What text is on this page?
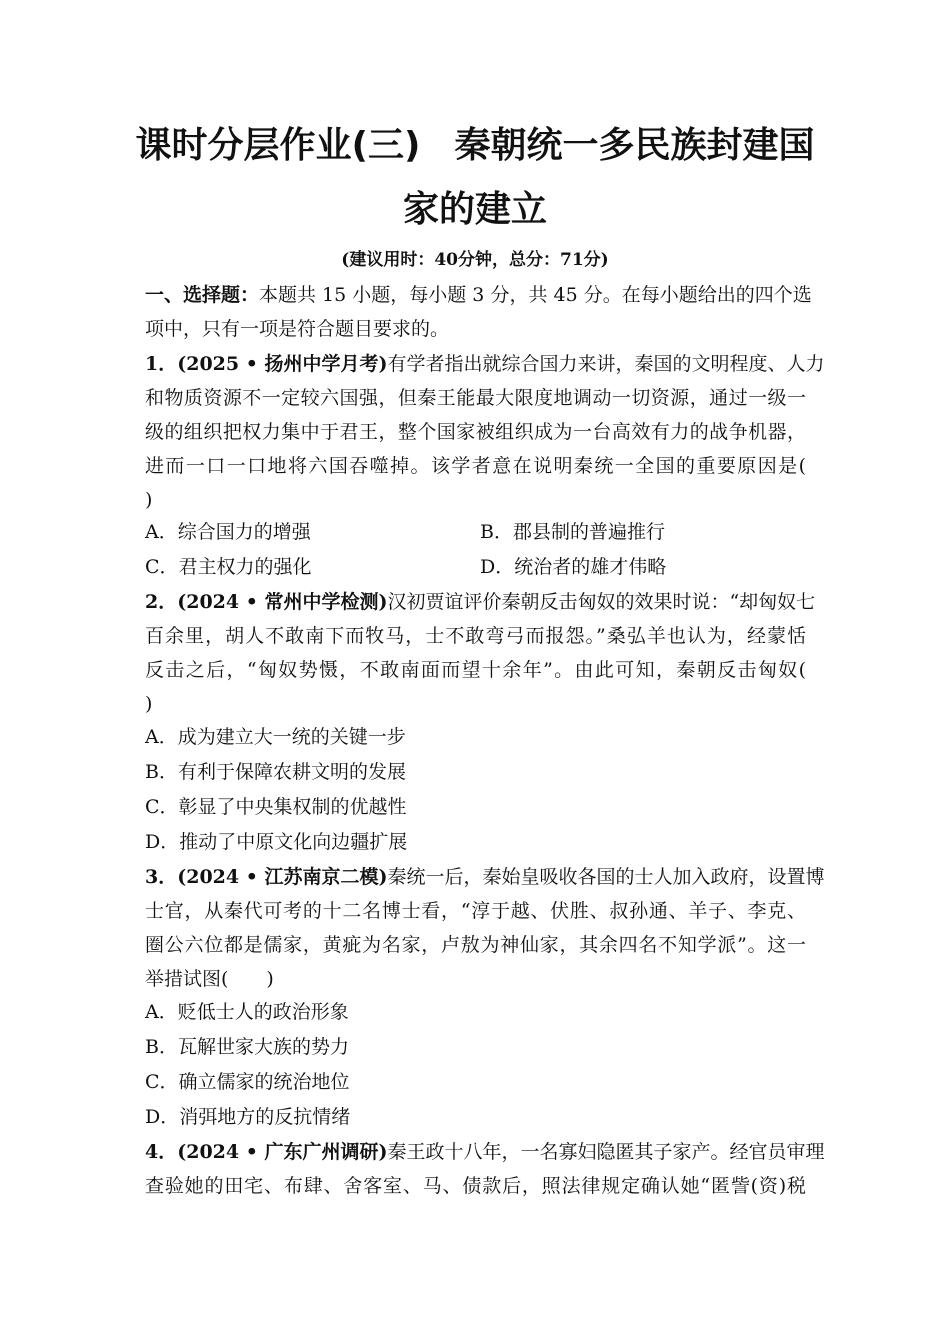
课时分层作业(三) 秦朝统一多民族封建国
家的建立
(建议用时：40分钟，总分：71分)
一、选择题：本题共 15 小题，每小题 3 分，共 45 分。在每小题给出的四个选
项中，只有一项是符合题目要求的。
1．(2025 • 扬州中学月考)有学者指出就综合国力来讲，秦国的文明程度、人力
和物质资源不一定较六国强，但秦王能最大限度地调动一切资源，通过一级一
级的组织把权力集中于君王，整个国家被组织成为一台高效有力的战争机器，
进而一口一口地将六国吞噬掉。该学者意在说明秦统一全国的重要原因是(
)
A．综合国力的增强	B．郡县制的普遍推行
C．君主权力的强化	D．统治者的雄才伟略
2．(2024 • 常州中学检测)汉初贾谊评价秦朝反击匈奴的效果时说：“却匈奴七
百余里，胡人不敢南下而牧马，士不敢弯弓而报怨。”桑弘羊也认为，经蒙恬
反击之后，“匈奴势慑，不敢南面而望十余年”。由此可知，秦朝反击匈奴(
)
A．成为建立大一统的关键一步
B．有利于保障农耕文明的发展
C．彰显了中央集权制的优越性
D．推动了中原文化向边疆扩展
3．(2024 • 江苏南京二模)秦统一后，秦始皇吸收各国的士人加入政府，设置博
士官，从秦代可考的十二名博士看，“淳于越、伏胜、叔孙通、羊子、李克、
圈公六位都是儒家，黄疵为名家，卢敖为神仙家，其余四名不知学派”。这一
举措试图(　　)
A．贬低士人的政治形象
B．瓦解世家大族的势力
C．确立儒家的统治地位
D．消弭地方的反抗情绪
4．(2024 • 广东广州调研)秦王政十八年，一名寡妇隐匿其子家产。经官员审理
查验她的田宅、布肆、舍客室、马、债款后，照法律规定确认她“匿訾(资)税
